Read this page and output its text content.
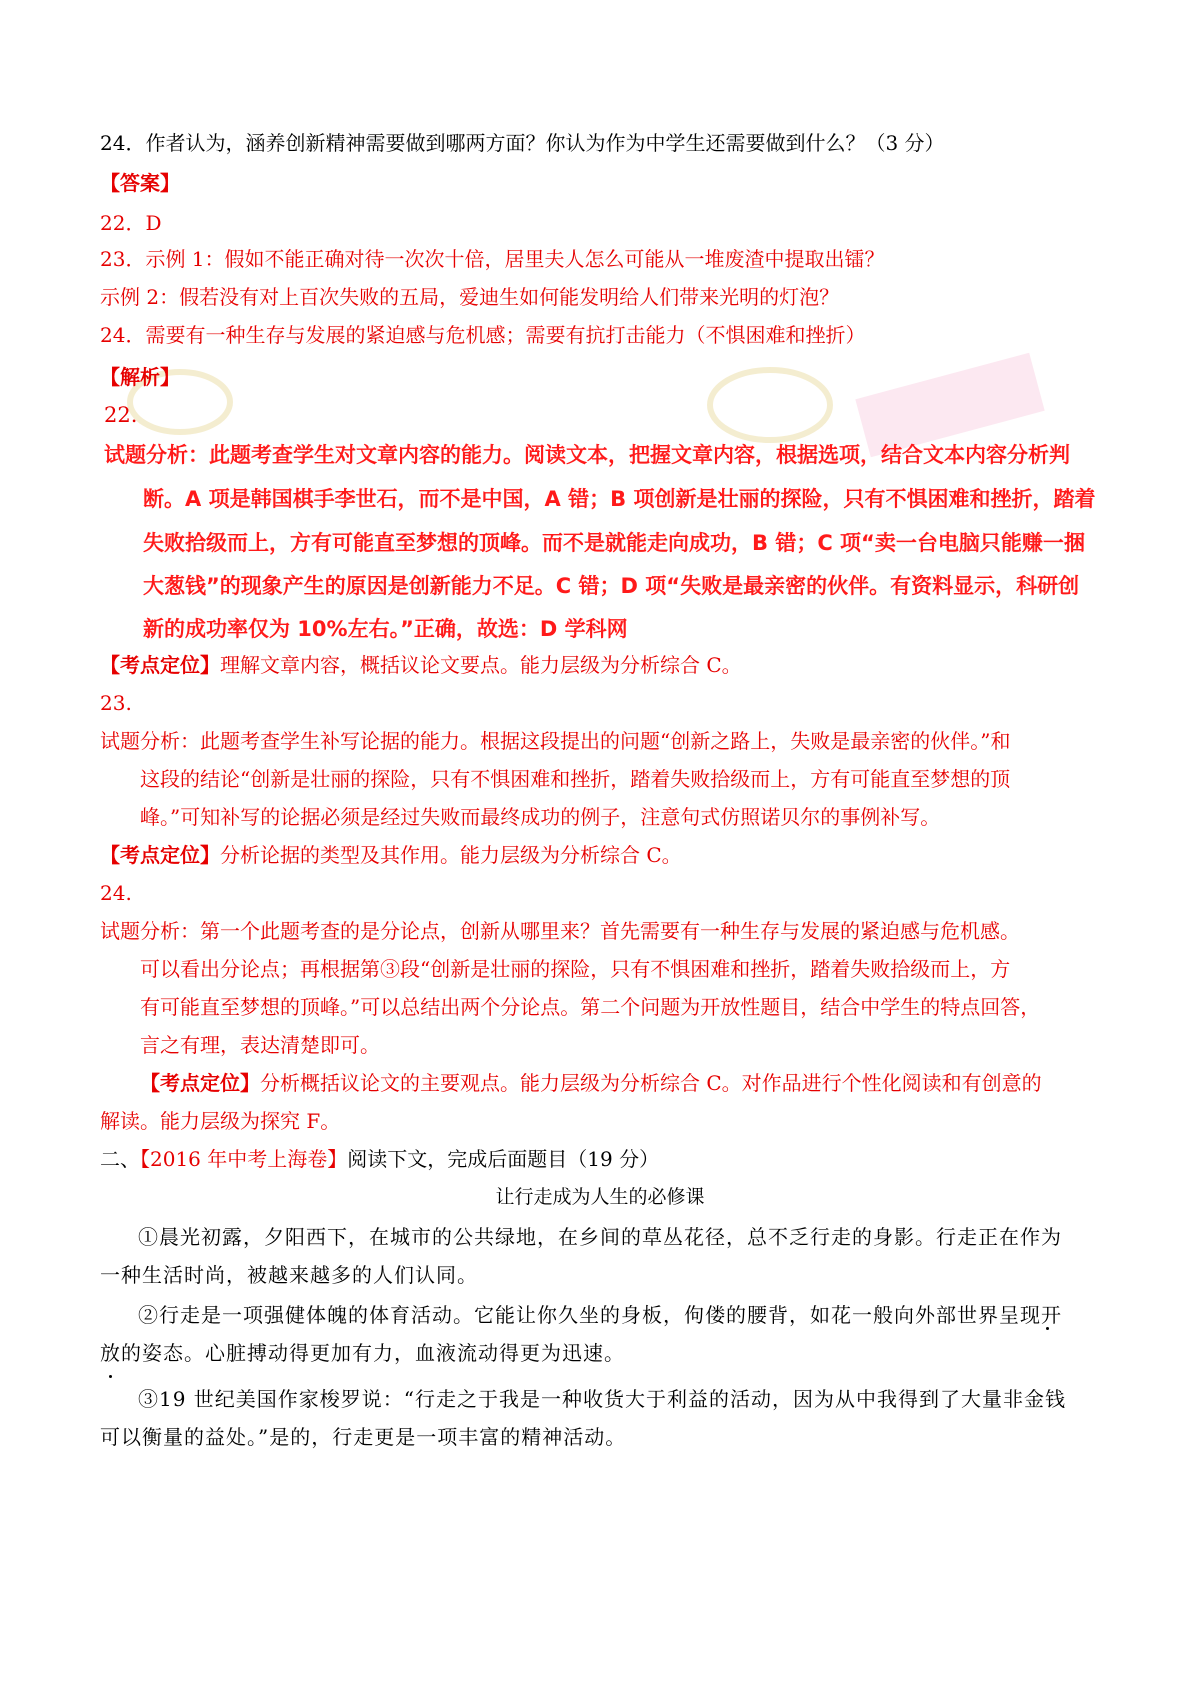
24．作者认为，涵养创新精神需要做到哪两方面？你认为作为中学生还需要做到什么？（3 分）
【答案】
22．D
23．示例 1：假如不能正确对待一次次十倍，居里夫人怎么可能从一堆废渣中提取出镭？
示例 2：假若没有对上百次失败的五局，爱迪生如何能发明给人们带来光明的灯泡？
24．需要有一种生存与发展的紧迫感与危机感；需要有抗打击能力（不惧困难和挫折）
【解析】
22.
试题分析：此题考查学生对文章内容的能力。阅读文本，把握文章内容，根据选项，结合文本内容分析判
断。A 项是韩国棋手李世石，而不是中国，A 错；B 项创新是壮丽的探险，只有不惧困难和挫折，踏着
失败拾级而上，方有可能直至梦想的顶峰。而不是就能走向成功，B 错；C 项“卖一台电脑只能赚一捆
大葱钱”的现象产生的原因是创新能力不足。C 错；D 项“失败是最亲密的伙伴。有资料显示，科研创
新的成功率仅为 10%左右。”正确，故选：D 学科网
【考点定位】理解文章内容，概括议论文要点。能力层级为分析综合 C。
23.
试题分析：此题考查学生补写论据的能力。根据这段提出的问题“创新之路上，失败是最亲密的伙伴。”和
这段的结论“创新是壮丽的探险，只有不惧困难和挫折，踏着失败拾级而上，方有可能直至梦想的顶
峰。”可知补写的论据必须是经过失败而最终成功的例子，注意句式仿照诺贝尔的事例补写。
【考点定位】分析论据的类型及其作用。能力层级为分析综合 C。
24.
试题分析：第一个此题考查的是分论点，创新从哪里来？首先需要有一种生存与发展的紧迫感与危机感。
可以看出分论点；再根据第③段“创新是壮丽的探险，只有不惧困难和挫折，踏着失败拾级而上，方
有可能直至梦想的顶峰。”可以总结出两个分论点。第二个问题为开放性题目，结合中学生的特点回答，
言之有理，表达清楚即可。
【考点定位】分析概括议论文的主要观点。能力层级为分析综合 C。对作品进行个性化阅读和有创意的
解读。能力层级为探究 F。
二、【2016 年中考上海卷】阅读下文，完成后面题目（19 分）
让行走成为人生的必修课
①晨光初露，夕阳西下，在城市的公共绿地，在乡间的草丛花径，总不乏行走的身影。行走正在作为
一种生活时尚，被越来越多的人们认同。
②行走是一项强健体魄的体育活动。它能让你久坐的身板，佝偻的腰背，如花一般向外部世界呈现开
放的姿态。心脏搏动得更加有力，血液流动得更为迅速。
③19 世纪美国作家梭罗说：“行走之于我是一种收货大于利益的活动，因为从中我得到了大量非金钱
可以衡量的益处。”是的，行走更是一项丰富的精神活动。
